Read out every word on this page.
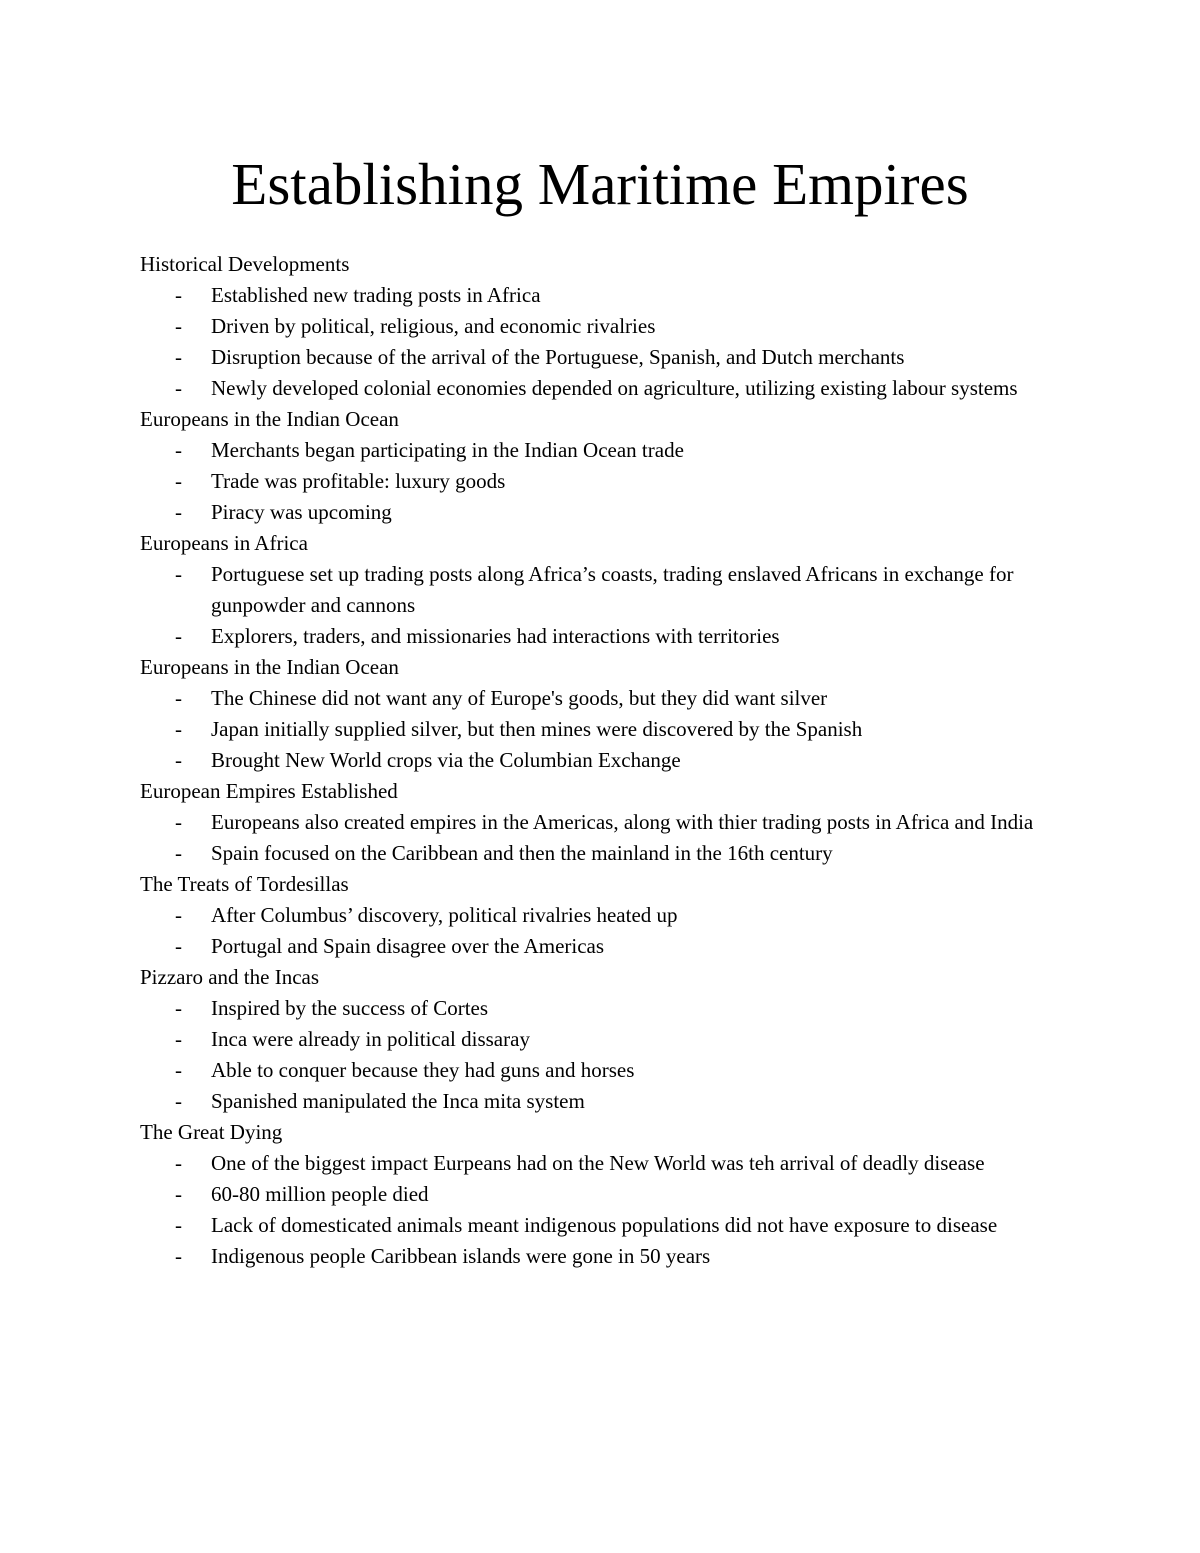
Establishing Maritime Empires
Historical Developments
- Established new trading posts in Africa
- Driven by political, religious, and economic rivalries
- Disruption because of the arrival of the Portuguese, Spanish, and Dutch merchants
- Newly developed colonial economies depended on agriculture, utilizing existing labour systems
Europeans in the Indian Ocean
- Merchants began participating in the Indian Ocean trade
- Trade was profitable: luxury goods
- Piracy was upcoming
Europeans in Africa
- Portuguese set up trading posts along Africa’s coasts, trading enslaved Africans in exchange for gunpowder and cannons
- Explorers, traders, and missionaries had interactions with territories
Europeans in the Indian Ocean
- The Chinese did not want any of Europe's goods, but they did want silver
- Japan initially supplied silver, but then mines were discovered by the Spanish
- Brought New World crops via the Columbian Exchange
European Empires Established
- Europeans also created empires in the Americas, along with thier trading posts in Africa and India
- Spain focused on the Caribbean and then the mainland in the 16th century
The Treats of Tordesillas
- After Columbus’ discovery, political rivalries heated up
- Portugal and Spain disagree over the Americas
Pizzaro and the Incas
- Inspired by the success of Cortes
- Inca were already in political dissaray
- Able to conquer because they had guns and horses
- Spanished manipulated the Inca mita system
The Great Dying
- One of the biggest impact Eurpeans had on the New World was teh arrival of deadly disease
- 60-80 million people died
- Lack of domesticated animals meant indigenous populations did not have exposure to disease
- Indigenous people Caribbean islands were gone in 50 years
